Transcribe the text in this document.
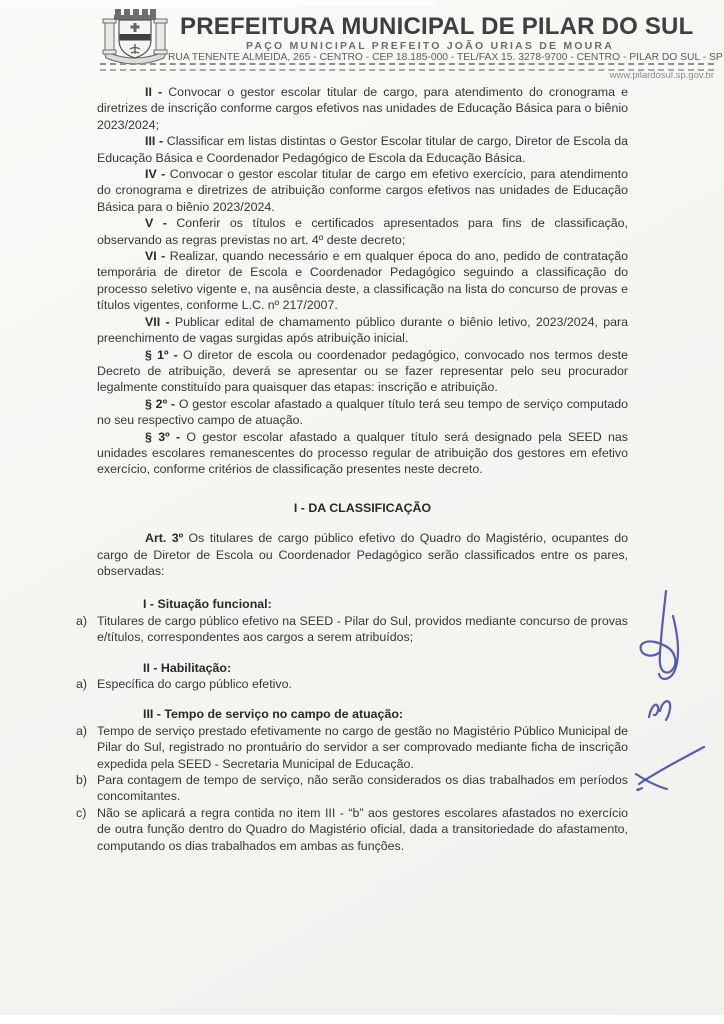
PREFEITURA MUNICIPAL DE PILAR DO SUL
PAÇO MUNICIPAL PREFEITO JOÃO URIAS DE MOURA
RUA TENENTE ALMEIDA, 265 - CENTRO - CEP 18.185-000 - TEL/FAX 15. 3278-9700 - CENTRO - PILAR DO SUL - SP
www.pilardosul.sp.gov.br

II - Convocar o gestor escolar titular de cargo, para atendimento do cronograma e diretrizes de inscrição conforme cargos efetivos nas unidades de Educação Básica para o biênio 2023/2024;

III - Classificar em listas distintas o Gestor Escolar titular de cargo, Diretor de Escola da Educação Básica e Coordenador Pedagógico de Escola da Educação Básica.

IV - Convocar o gestor escolar titular de cargo em efetivo exercício, para atendimento do cronograma e diretrizes de atribuição conforme cargos efetivos nas unidades de Educação Básica para o biênio 2023/2024.

V - Conferir os títulos e certificados apresentados para fins de classificação, observando as regras previstas no art. 4º deste decreto;

VI - Realizar, quando necessário e em qualquer época do ano, pedido de contratação temporária de diretor de Escola e Coordenador Pedagógico seguindo a classificação do processo seletivo vigente e, na ausência deste, a classificação na lista do concurso de provas e títulos vigentes, conforme L.C. nº 217/2007.

VII - Publicar edital de chamamento público durante o biênio letivo, 2023/2024, para preenchimento de vagas surgidas após atribuição inicial.

§ 1º - O diretor de escola ou coordenador pedagógico, convocado nos termos deste Decreto de atribuição, deverá se apresentar ou se fazer representar pelo seu procurador legalmente constituído para quaisquer das etapas: inscrição e atribuição.

§ 2º - O gestor escolar afastado a qualquer título terá seu tempo de serviço computado no seu respectivo campo de atuação.

§ 3º - O gestor escolar afastado a qualquer título será designado pela SEED nas unidades escolares remanescentes do processo regular de atribuição dos gestores em efetivo exercício, conforme critérios de classificação presentes neste decreto.

I - DA CLASSIFICAÇÃO

Art. 3º Os titulares de cargo público efetivo do Quadro do Magistério, ocupantes do cargo de Diretor de Escola ou Coordenador Pedagógico serão classificados entre os pares, observadas:

I - Situação funcional:

a) Titulares de cargo público efetivo na SEED - Pilar do Sul, providos mediante concurso de provas e/títulos, correspondentes aos cargos a serem atribuídos;

II - Habilitação:

a) Específica do cargo público efetivo.

III - Tempo de serviço no campo de atuação:

a) Tempo de serviço prestado efetivamente no cargo de gestão no Magistério Público Municipal de Pilar do Sul, registrado no prontuário do servidor a ser comprovado mediante ficha de inscrição expedida pela SEED - Secretaria Municipal de Educação.

b) Para contagem de tempo de serviço, não serão considerados os dias trabalhados em períodos concomitantes.

c) Não se aplicará a regra contida no item III - “b” aos gestores escolares afastados no exercício de outra função dentro do Quadro do Magistério oficial, dada a transitoriedade do afastamento, computando os dias trabalhados em ambas as funções.
